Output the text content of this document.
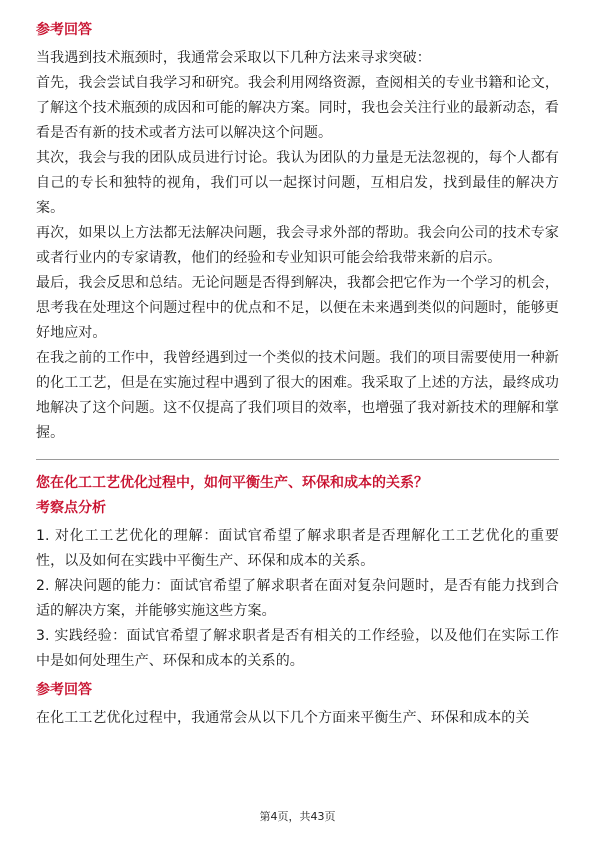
参考回答

当我遇到技术瓶颈时，我通常会采取以下几种方法来寻求突破：

首先，我会尝试自我学习和研究。我会利用网络资源，查阅相关的专业书籍和论文，了解这个技术瓶颈的成因和可能的解决方案。同时，我也会关注行业的最新动态，看看是否有新的技术或者方法可以解决这个问题。

其次，我会与我的团队成员进行讨论。我认为团队的力量是无法忽视的，每个人都有自己的专长和独特的视角，我们可以一起探讨问题，互相启发，找到最佳的解决方案。

再次，如果以上方法都无法解决问题，我会寻求外部的帮助。我会向公司的技术专家或者行业内的专家请教，他们的经验和专业知识可能会给我带来新的启示。

最后，我会反思和总结。无论问题是否得到解决，我都会把它作为一个学习的机会，思考我在处理这个问题过程中的优点和不足，以便在未来遇到类似的问题时，能够更好地应对。

在我之前的工作中，我曾经遇到过一个类似的技术问题。我们的项目需要使用一种新的化工工艺，但是在实施过程中遇到了很大的困难。我采取了上述的方法，最终成功地解决了这个问题。这不仅提高了我们项目的效率，也增强了我对新技术的理解和掌握。

您在化工工艺优化过程中，如何平衡生产、环保和成本的关系？
考察点分析

1. 对化工工艺优化的理解：面试官希望了解求职者是否理解化工工艺优化的重要性，以及如何在实践中平衡生产、环保和成本的关系。

2. 解决问题的能力：面试官希望了解求职者在面对复杂问题时，是否有能力找到合适的解决方案，并能够实施这些方案。

3. 实践经验：面试官希望了解求职者是否有相关的工作经验，以及他们在实际工作中是如何处理生产、环保和成本的关系的。

参考回答

在化工工艺优化过程中，我通常会从以下几个方面来平衡生产、环保和成本的关

第4页，共43页
